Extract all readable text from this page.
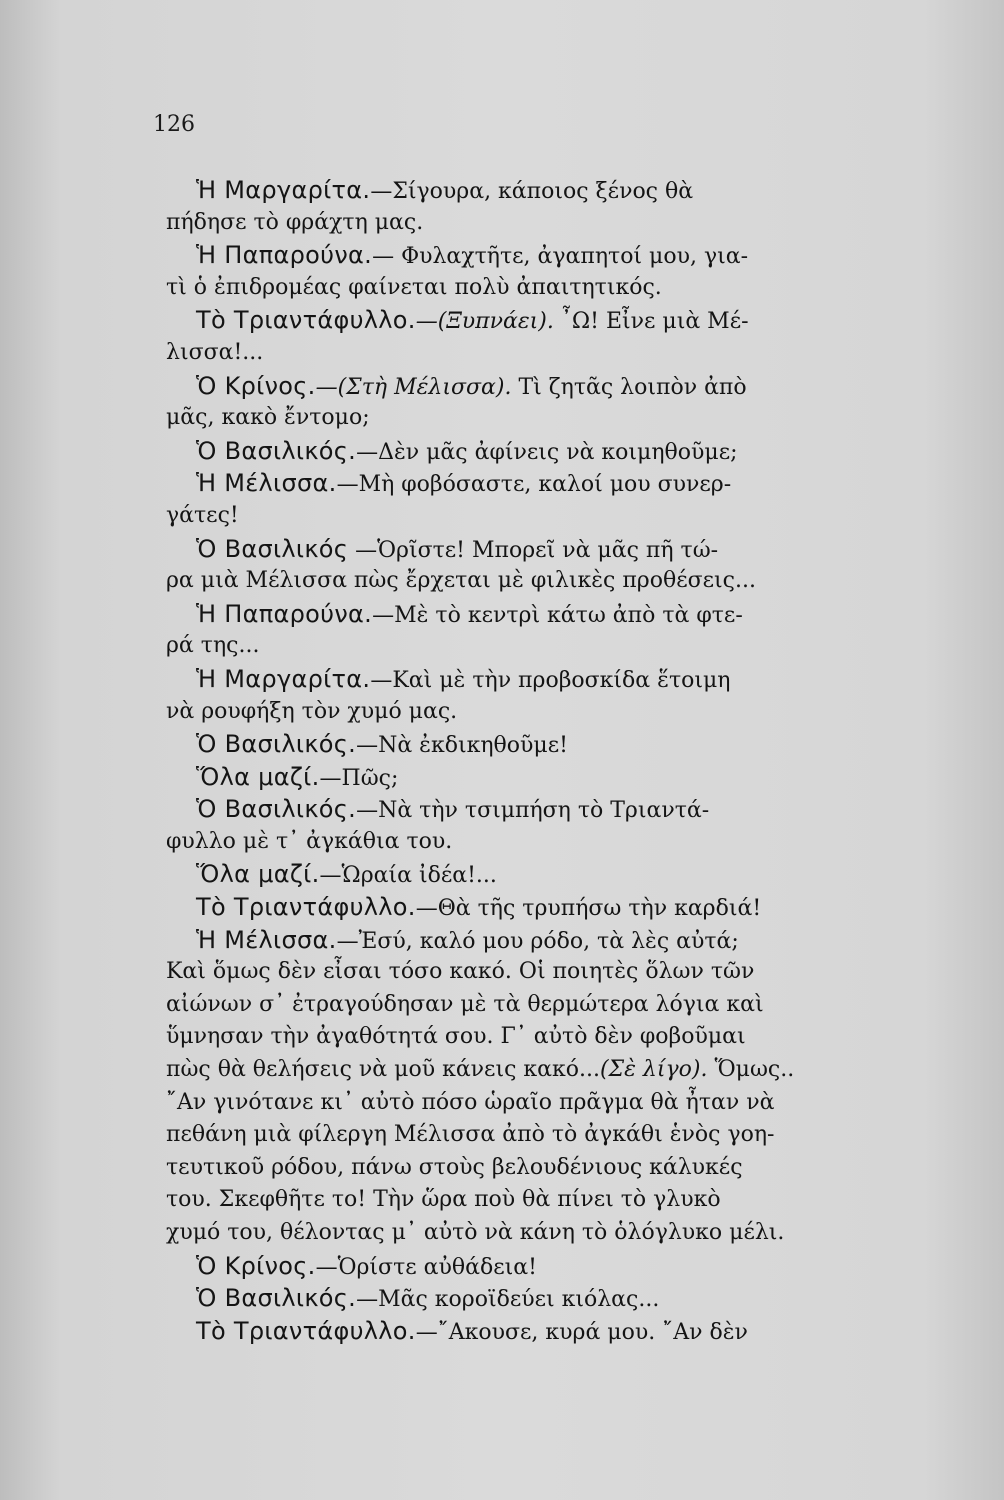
126
Ἡ Μαργαρίτα.—Σίγουρα, κάποιος ξένος θὰ
πήδησε τὸ φράχτη μας.
Ἡ Παπαρούνα.— Φυλαχτῆτε, ἀγαπητοί μου, για-
τὶ ὁ ἐπιδρομέας φαίνεται πολὺ ἀπαιτητικός.
Τὸ Τριαντάφυλλο.—(Ξυπνάει). ῏Ω! Εἶνε μιὰ Μέ-
λισσα!...
Ὁ Κρίνος.—(Στὴ Μέλισσα). Τὶ ζητᾶς λοιπὸν ἀπὸ
μᾶς, κακὸ ἔντομο;
Ὁ Βασιλικός.—Δὲν μᾶς ἀφίνεις νὰ κοιμηθοῦμε;
Ἡ Μέλισσα.—Μὴ φοβόσαστε, καλοί μου συνερ-
γάτες!
Ὁ Βασιλικός —Ὁρῖστε! Μπορεῖ νὰ μᾶς πῆ τώ-
ρα μιὰ Μέλισσα πὼς ἔρχεται μὲ φιλικὲς προθέσεις...
Ἡ Παπαρούνα.—Μὲ τὸ κεντρὶ κάτω ἀπὸ τὰ φτε-
ρά της...
Ἡ Μαργαρίτα.—Καὶ μὲ τὴν προβοσκίδα ἕτοιμη
νὰ ρουφήξη τὸν χυμό μας.
Ὁ Βασιλικός.—Νὰ ἐκδικηθοῦμε!
Ὅλα μαζί.—Πῶς;
Ὁ Βασιλικός.—Νὰ τὴν τσιμπήση τὸ Τριαντά-
φυλλο μὲ τ᾽ ἀγκάθια του.
Ὅλα μαζί.—Ὡραία ἰδέα!...
Τὸ Τριαντάφυλλο.—Θὰ τῆς τρυπήσω τὴν καρδιά!
Ἡ Μέλισσα.—Ἐσύ, καλό μου ρόδο, τὰ λὲς αὐτά;
Καὶ ὅμως δὲν εἶσαι τόσο κακό. Οἱ ποιητὲς ὅλων τῶν
αἰώνων σ᾽ ἐτραγούδησαν μὲ τὰ θερμώτερα λόγια καὶ
ὕμνησαν τὴν ἀγαθότητά σου. Γ᾽ αὐτὸ δὲν φοβοῦμαι
πὼς θὰ θελήσεις νὰ μοῦ κάνεις κακό...(Σὲ λίγο). Ὅμως..
῎Αν γινότανε κι᾽ αὐτὸ πόσο ὡραῖο πρᾶγμα θὰ ἦταν νὰ
πεθάνη μιὰ φίλεργη Μέλισσα ἀπὸ τὸ ἀγκάθι ἑνὸς γοη-
τευτικοῦ ρόδου, πάνω στοὺς βελουδένιους κάλυκές
του. Σκεφθῆτε το! Τὴν ὥρα ποὺ θὰ πίνει τὸ γλυκὸ
χυμό του, θέλοντας μ᾽ αὐτὸ νὰ κάνη τὸ ὁλόγλυκο μέλι.
Ὁ Κρίνος.—Ὁρίστε αὐθάδεια!
Ὁ Βασιλικός.—Μᾶς κοροϊδεύει κιόλας...
Τὸ Τριαντάφυλλο.—῎Ακουσε, κυρά μου. ῎Αν δὲν
